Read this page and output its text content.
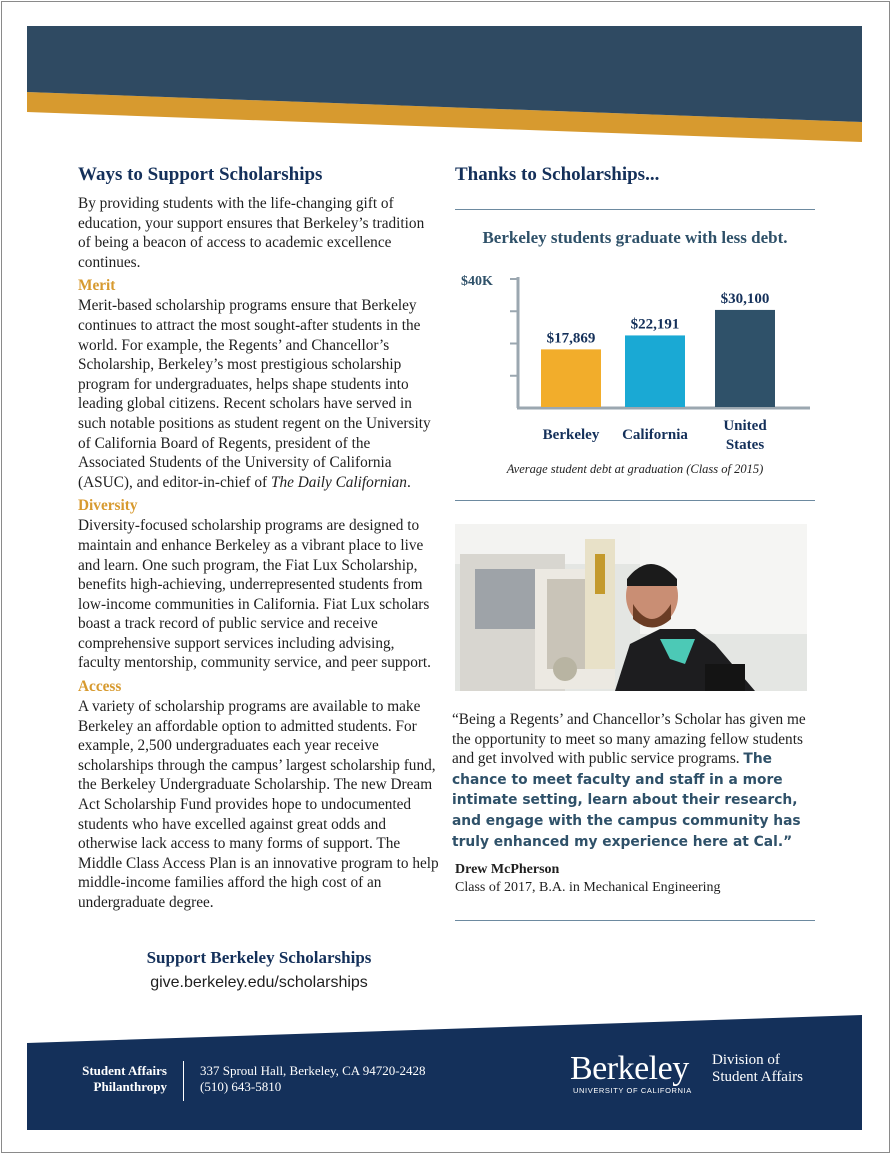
Ways to Support Scholarships

By providing students with the life-changing gift of education, your support ensures that Berkeley’s tradition of being a beacon of access to academic excellence continues.

Merit

Merit-based scholarship programs ensure that Berkeley continues to attract the most sought-after students in the world. For example, the Regents’ and Chancellor’s Scholarship, Berkeley’s most prestigious scholarship program for undergraduates, helps shape students into leading global citizens. Recent scholars have served in such notable positions as student regent on the University of California Board of Regents, president of the Associated Students of the University of California (ASUC), and editor-in-chief of The Daily Californian.

Diversity

Diversity-focused scholarship programs are designed to maintain and enhance Berkeley as a vibrant place to live and learn. One such program, the Fiat Lux Scholarship, benefits high-achieving, underrepresented students from low-income communities in California. Fiat Lux scholars boast a track record of public service and receive comprehensive support services including advising, faculty mentorship, community service, and peer support.

Access

A variety of scholarship programs are available to make Berkeley an affordable option to admitted students. For example, 2,500 undergraduates each year receive scholarships through the campus’ largest scholarship fund, the Berkeley Undergraduate Scholarship. The new Dream Act Scholarship Fund provides hope to undocumented students who have excelled against great odds and otherwise lack access to many forms of support. The Middle Class Access Plan is an innovative program to help middle-income families afford the high cost of an undergraduate degree.

Support Berkeley Scholarships
give.berkeley.edu/scholarships
Thanks to Scholarships...
Berkeley students graduate with less debt.
$40K
$17,869
Berkeley
$22,191
California
$30,100
United
States
Average student debt at graduation (Class of 2015)
“Being a Regents’ and Chancellor’s Scholar has given me the opportunity to meet so many amazing fellow students and get involved with public service programs. The chance to meet faculty and staff in a more intimate setting, learn about their research, and engage with the campus community has truly enhanced my experience here at Cal.”
Drew McPherson
Class of 2017, B.A. in Mechanical Engineering
Student Affairs
Philanthropy
337 Sproul Hall, Berkeley, CA 94720-2428
(510) 643-5810	Berkeley
UNIVERSITY OF CALIFORNIA
Division of
Student Affairs
